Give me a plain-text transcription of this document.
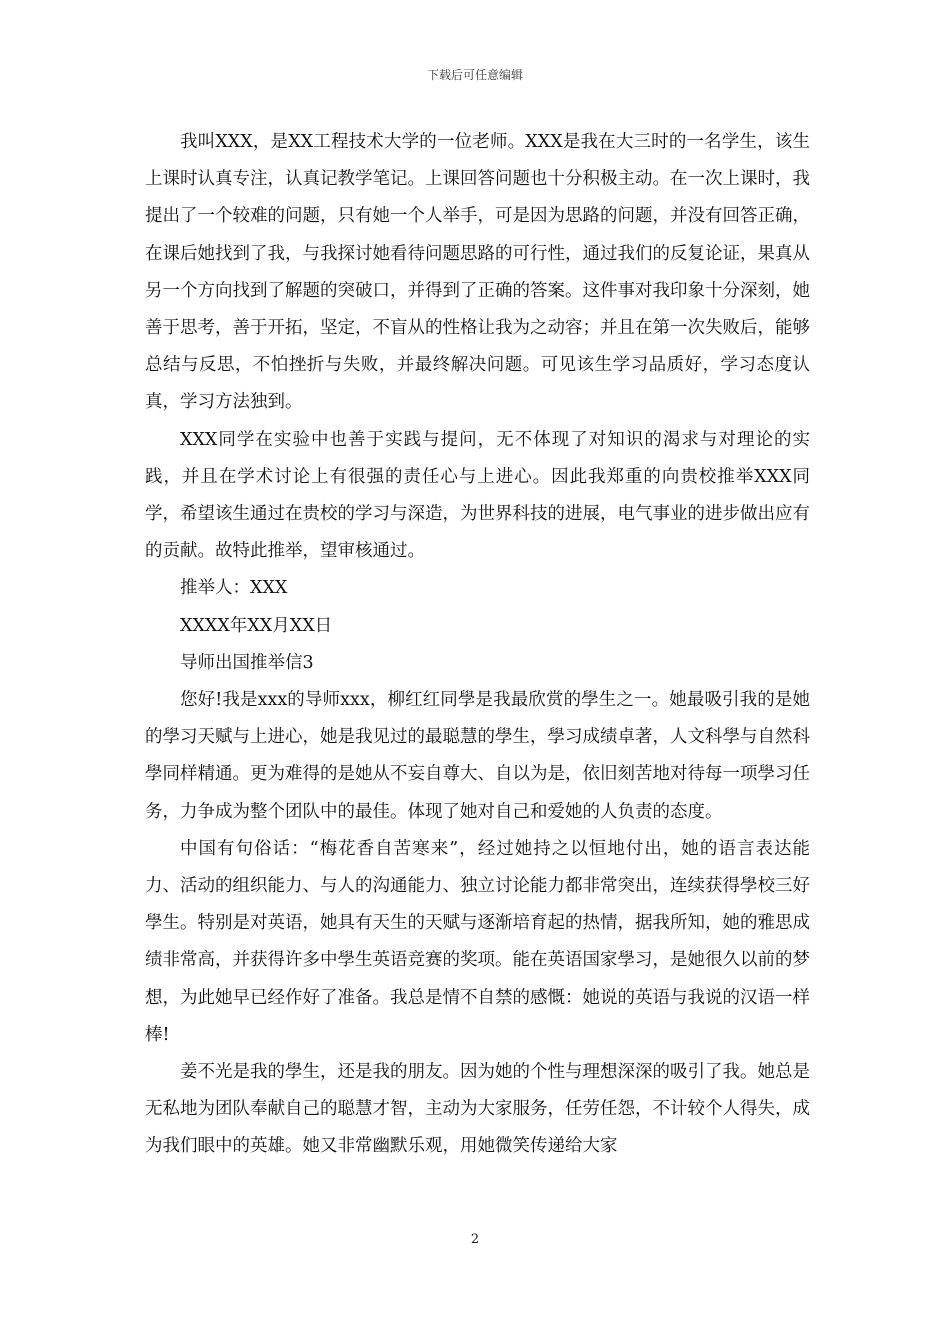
下载后可任意编辑

我叫XXX，是XX工程技术大学的一位老师。XXX是我在大三时的一名学生，该生上课时认真专注，认真记教学笔记。上课回答问题也十分积极主动。在一次上课时，我提出了一个较难的问题，只有她一个人举手，可是因为思路的问题，并没有回答正确，在课后她找到了我，与我探讨她看待问题思路的可行性，通过我们的反复论证，果真从另一个方向找到了解题的突破口，并得到了正确的答案。这件事对我印象十分深刻，她善于思考，善于开拓，坚定，不盲从的性格让我为之动容；并且在第一次失败后，能够总结与反思，不怕挫折与失败，并最终解决问题。可见该生学习品质好，学习态度认真，学习方法独到。

XXX同学在实验中也善于实践与提问，无不体现了对知识的渴求与对理论的实践，并且在学术讨论上有很强的责任心与上进心。因此我郑重的向贵校推举XXX同学，希望该生通过在贵校的学习与深造，为世界科技的进展，电气事业的进步做出应有的贡献。故特此推举，望审核通过。

推举人：XXX

XXXX年XX月XX日

导师出国推举信3

您好!我是xxx的导师xxx，柳红红同學是我最欣赏的學生之一。她最吸引我的是她的學习天赋与上进心，她是我见过的最聪慧的學生，學习成绩卓著，人文科學与自然科學同样精通。更为难得的是她从不妄自尊大、自以为是，依旧刻苦地对待每一项學习任务，力争成为整个团队中的最佳。体现了她对自己和爱她的人负责的态度。

中国有句俗话：“梅花香自苦寒来”，经过她持之以恒地付出，她的语言表达能力、活动的组织能力、与人的沟通能力、独立讨论能力都非常突出，连续获得學校三好學生。特别是对英语，她具有天生的天赋与逐渐培育起的热情，据我所知，她的雅思成绩非常高，并获得许多中學生英语竞赛的奖项。能在英语国家學习，是她很久以前的梦想，为此她早已经作好了准备。我总是情不自禁的感慨：她说的英语与我说的汉语一样棒!

姜不光是我的學生，还是我的朋友。因为她的个性与理想深深的吸引了我。她总是无私地为团队奉献自己的聪慧才智，主动为大家服务，任劳任怨，不计较个人得失，成为我们眼中的英雄。她又非常幽默乐观，用她微笑传递给大家

2
